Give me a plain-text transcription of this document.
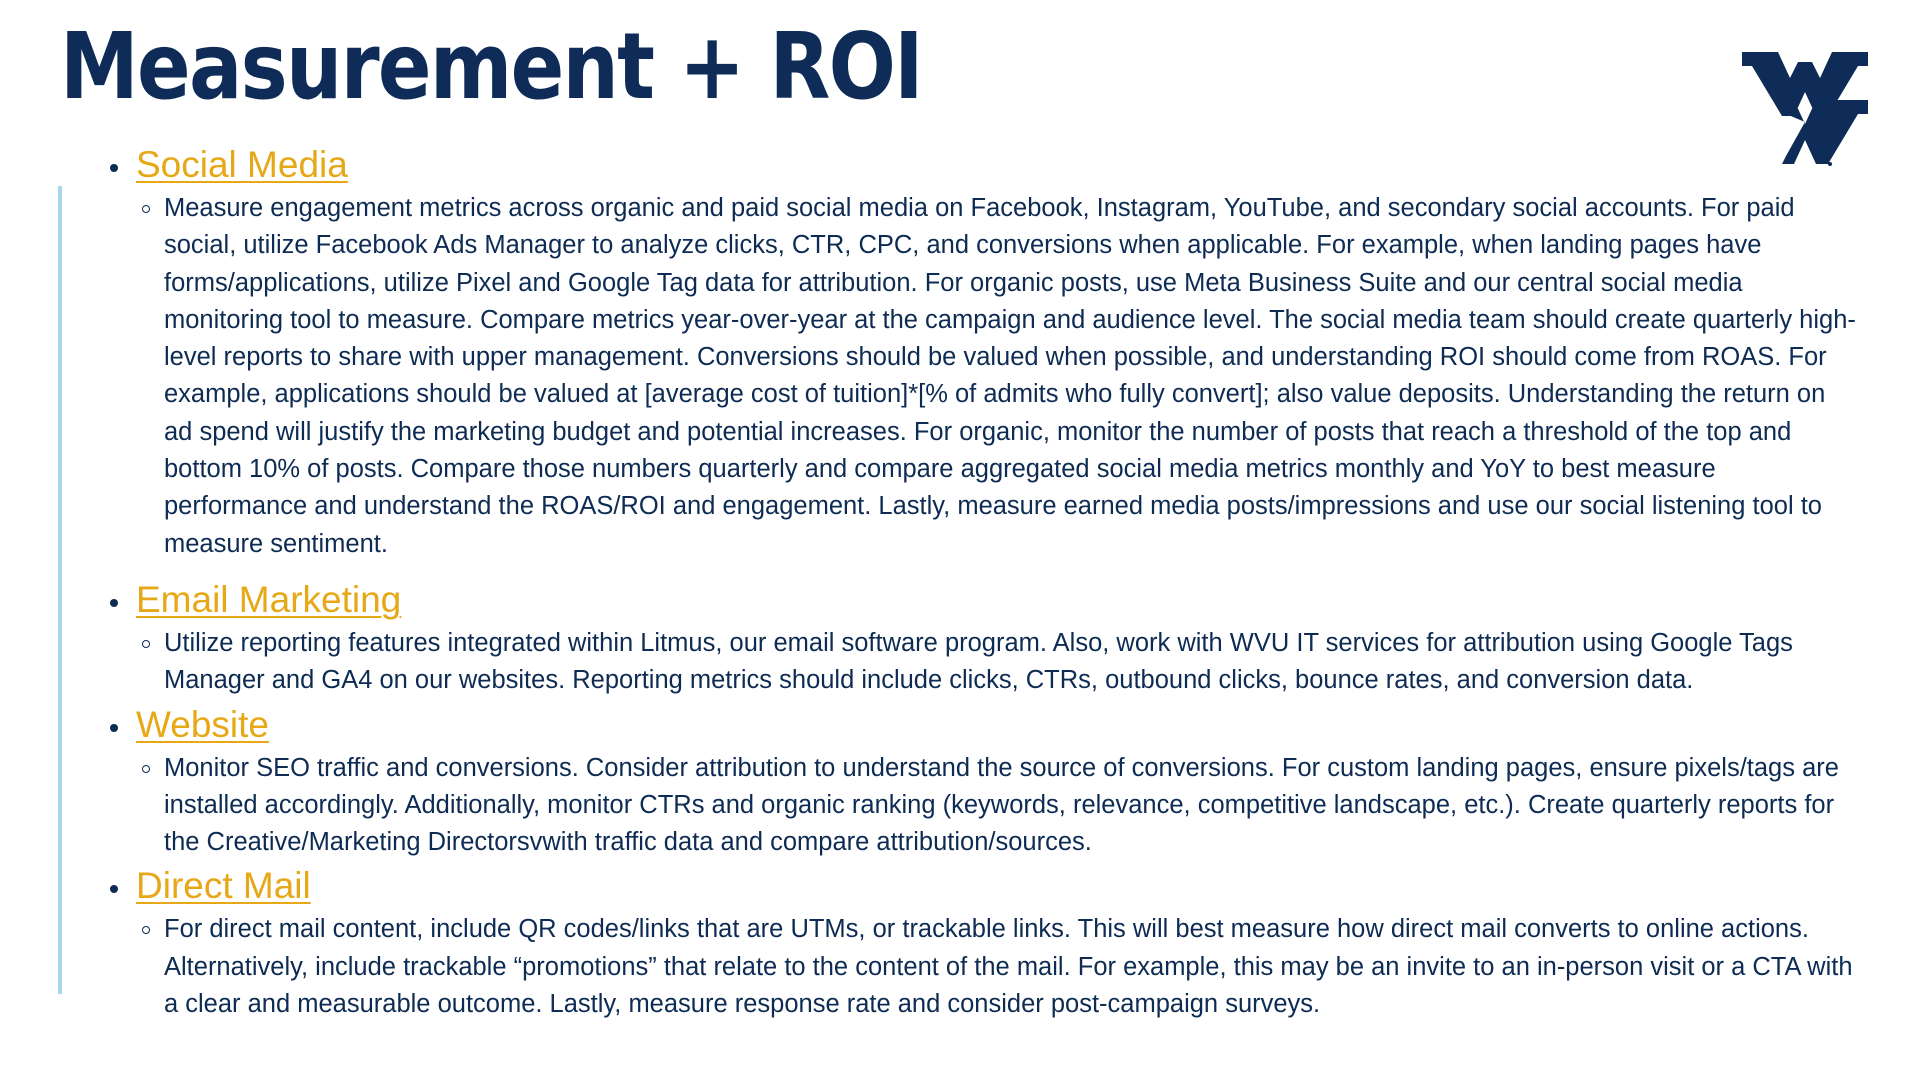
Measurement + ROI
Social Media

Measure engagement metrics across organic and paid social media on Facebook, Instagram, YouTube, and secondary social accounts. For paid social, utilize Facebook Ads Manager to analyze clicks, CTR, CPC, and conversions when applicable. For example, when landing pages have forms/applications, utilize Pixel and Google Tag data for attribution. For organic posts, use Meta Business Suite and our central social media monitoring tool to measure. Compare metrics year-over-year at the campaign and audience level. The social media team should create quarterly high-level reports to share with upper management. Conversions should be valued when possible, and understanding ROI should come from ROAS. For example, applications should be valued at [average cost of tuition]*[% of admits who fully convert]; also value deposits. Understanding the return on ad spend will justify the marketing budget and potential increases. For organic, monitor the number of posts that reach a threshold of the top and bottom 10% of posts. Compare those numbers quarterly and compare aggregated social media metrics monthly and YoY to best measure performance and understand the ROAS/ROI and engagement. Lastly, measure earned media posts/impressions and use our social listening tool to measure sentiment.

Email Marketing

Utilize reporting features integrated within Litmus, our email software program. Also, work with WVU IT services for attribution using Google Tags Manager and GA4 on our websites. Reporting metrics should include clicks, CTRs, outbound clicks, bounce rates, and conversion data.

Website

Monitor SEO traffic and conversions. Consider attribution to understand the source of conversions. For custom landing pages, ensure pixels/tags are installed accordingly. Additionally, monitor CTRs and organic ranking (keywords, relevance, competitive landscape, etc.). Create quarterly reports for the Creative/Marketing Directorsvwith traffic data and compare attribution/sources.

Direct Mail

For direct mail content, include QR codes/links that are UTMs, or trackable links. This will best measure how direct mail converts to online actions. Alternatively, include trackable “promotions” that relate to the content of the mail. For example, this may be an invite to an in-person visit or a CTA with a clear and measurable outcome. Lastly, measure response rate and consider post-campaign surveys.
